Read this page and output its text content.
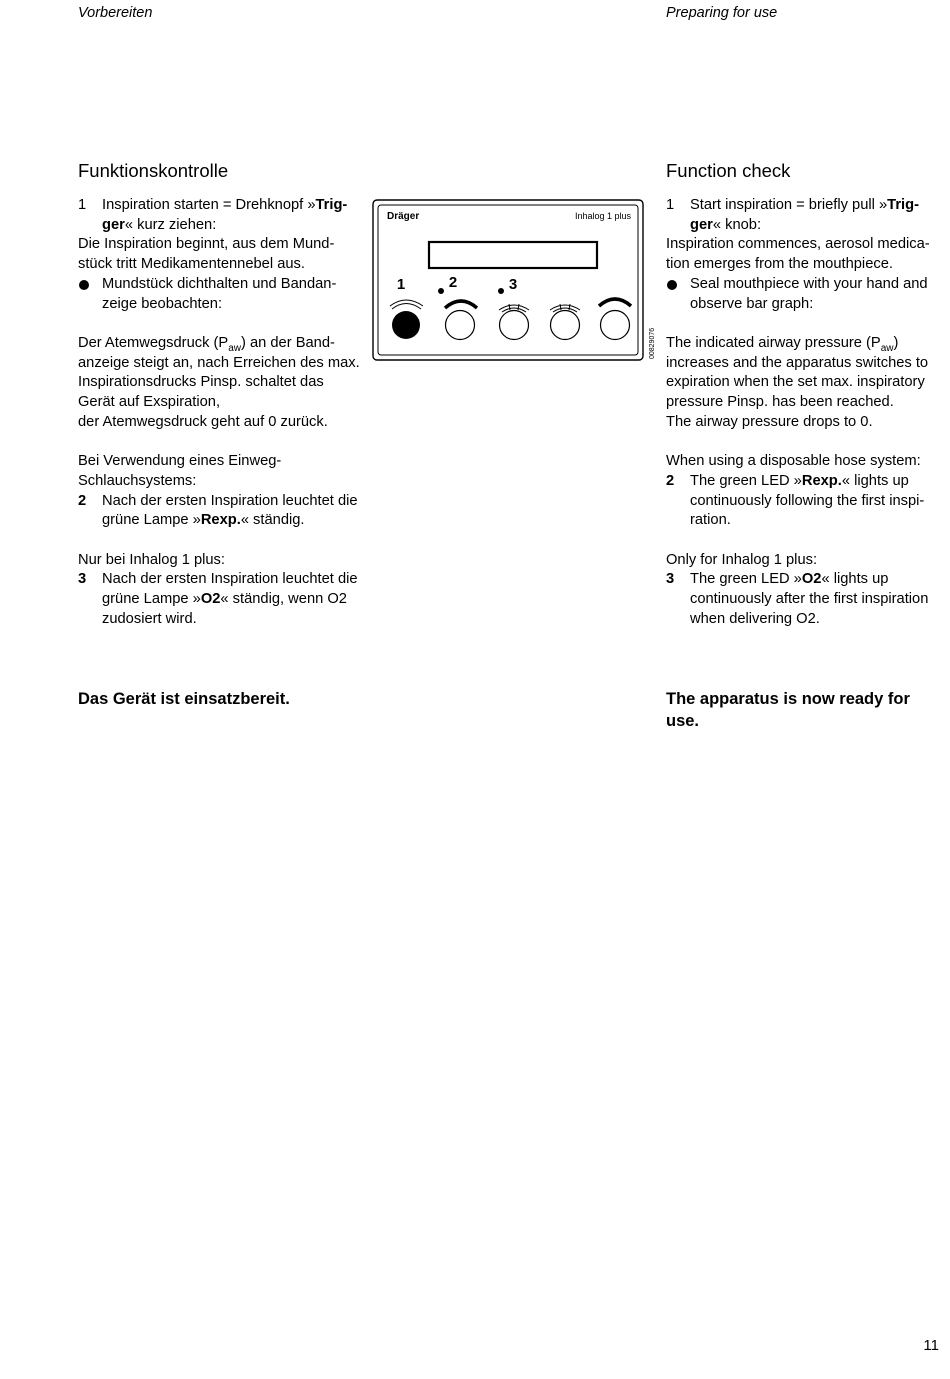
Vorbereiten	Preparing for use
Funktionskontrolle
1 Inspiration starten = Drehknopf »Trig-
ger« kurz ziehen:
Die Inspiration beginnt, aus dem Mund-stück tritt Medikamentennebel aus.
Mundstück dichthalten und Bandan-zeige beobachten:
Der Atemwegsdruck $(P_{aw})$ an der Band-anzeige steigt an, nach Erreichen des max. Inspirationsdrucks Pinsp. schaltet das Gerät auf Exspiration,
der Atemwegsdruck geht auf 0 zurück.
Bei Verwendung eines Einweg-Schlauchsystems:
2 Nach der ersten Inspiration leuchtet die grüne Lampe »Rexp.« ständig.
Nur bei Inhalog 1 plus:
3 Nach der ersten Inspiration leuchtet die grüne Lampe »O2« ständig, wenn O2 zudosiert wird.
Function check
1 Start inspiration = briefly pull »Trig-
ger« knob:
Inspiration commences, aerosol medica-tion emerges from the mouthpiece.
Seal mouthpiece with your hand and observe bar graph:
The indicated airway pressure $(P_{aw})$ increases and the apparatus switches to expiration when the set max. inspiratory pressure Pinsp. has been reached.
The airway pressure drops to 0.
When using a disposable hose system:
2 The green LED »Rexp.« lights up continuously following the first inspi-ration.
Only for Inhalog 1 plus:
3 The green LED »O2« lights up continuously after the first inspiration when delivering O2.
Das Gerät ist einsatzbereit.	The apparatus is now ready for use.
Dräger	Inhalog 1 plus
1	2	3
00829076
11
